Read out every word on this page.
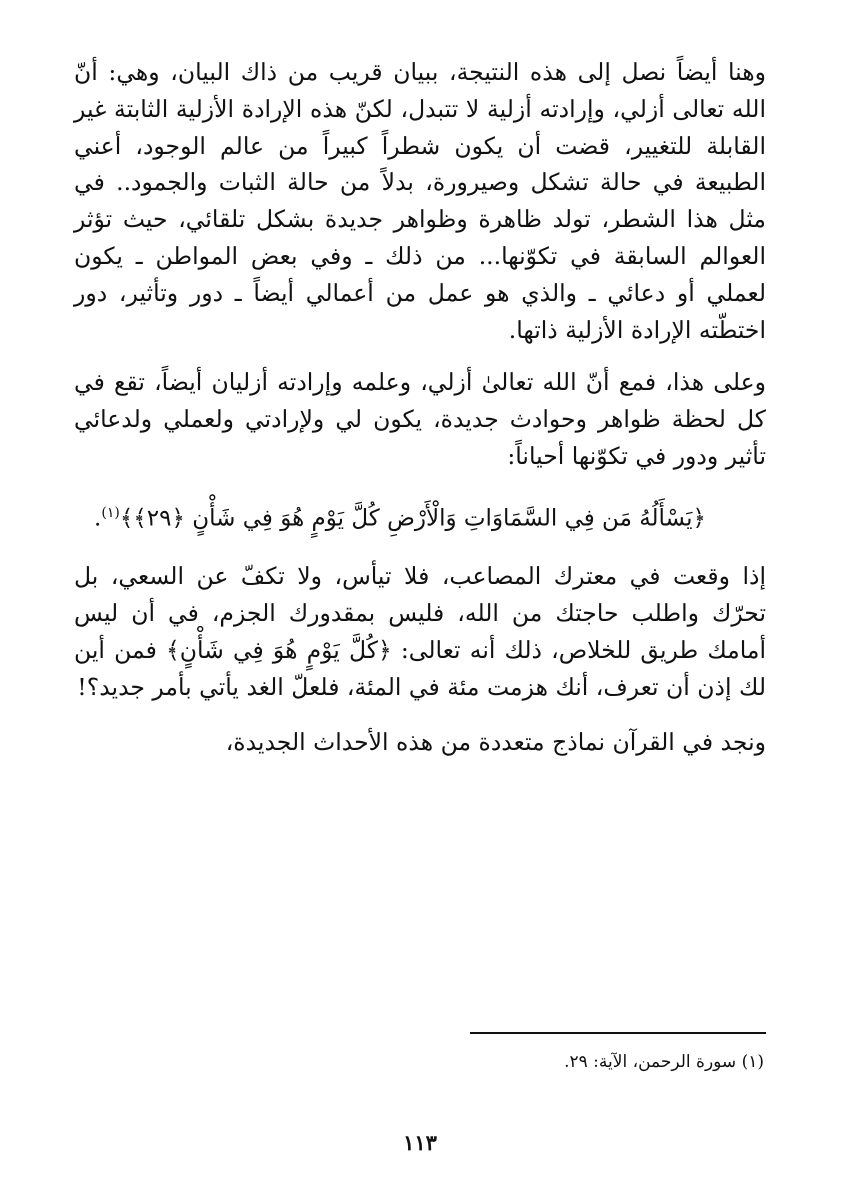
وهنا أيضاً نصل إلى هذه النتيجة، ببيان قريب من ذاك البيان، وهي: أنّ الله تعالى أزلي، وإرادته أزلية لا تتبدل، لكنّ هذه الإرادة الأزلية الثابتة غير القابلة للتغيير، قضت أن يكون شطراً كبيراً من عالم الوجود، أعني الطبيعة في حالة تشكل وصيرورة، بدلاً من حالة الثبات والجمود.. في مثل هذا الشطر، تولد ظاهرة وظواهر جديدة بشكل تلقائي، حيث تؤثر العوالم السابقة في تكوّنها... من ذلك ـ وفي بعض المواطن ـ يكون لعملي أو دعائي ـ والذي هو عمل من أعمالي أيضاً ـ دور وتأثير، دور اختطّته الإرادة الأزلية ذاتها.

وعلى هذا، فمع أنّ الله تعالىٰ أزلي، وعلمه وإرادته أزليان أيضاً، تقع في كل لحظة ظواهر وحوادث جديدة، يكون لي ولإرادتي ولعملي ولدعائي تأثير ودور في تكوّنها أحياناً:

﴿يَسْأَلُهُ مَن فِي السَّمَاوَاتِ وَالْأَرْضِ كُلَّ يَوْمٍ هُوَ فِي شَأْنٍ ﴿٢٩﴾﴾$^{(١)}$.

إذا وقعت في معترك المصاعب، فلا تيأس، ولا تكفّ عن السعي، بل تحرّك واطلب حاجتك من الله، فليس بمقدورك الجزم، في أن ليس أمامك طريق للخلاص، ذلك أنه تعالى: ﴿كُلَّ يَوْمٍ هُوَ فِي شَأْنٍ﴾ فمن أين لك إذن أن تعرف، أنك هزمت مئة في المئة، فلعلّ الغد يأتي بأمر جديد؟!

ونجد في القرآن نماذج متعددة من هذه الأحداث الجديدة،

(١) سورة الرحمن، الآية: ٢٩.

١١٣
